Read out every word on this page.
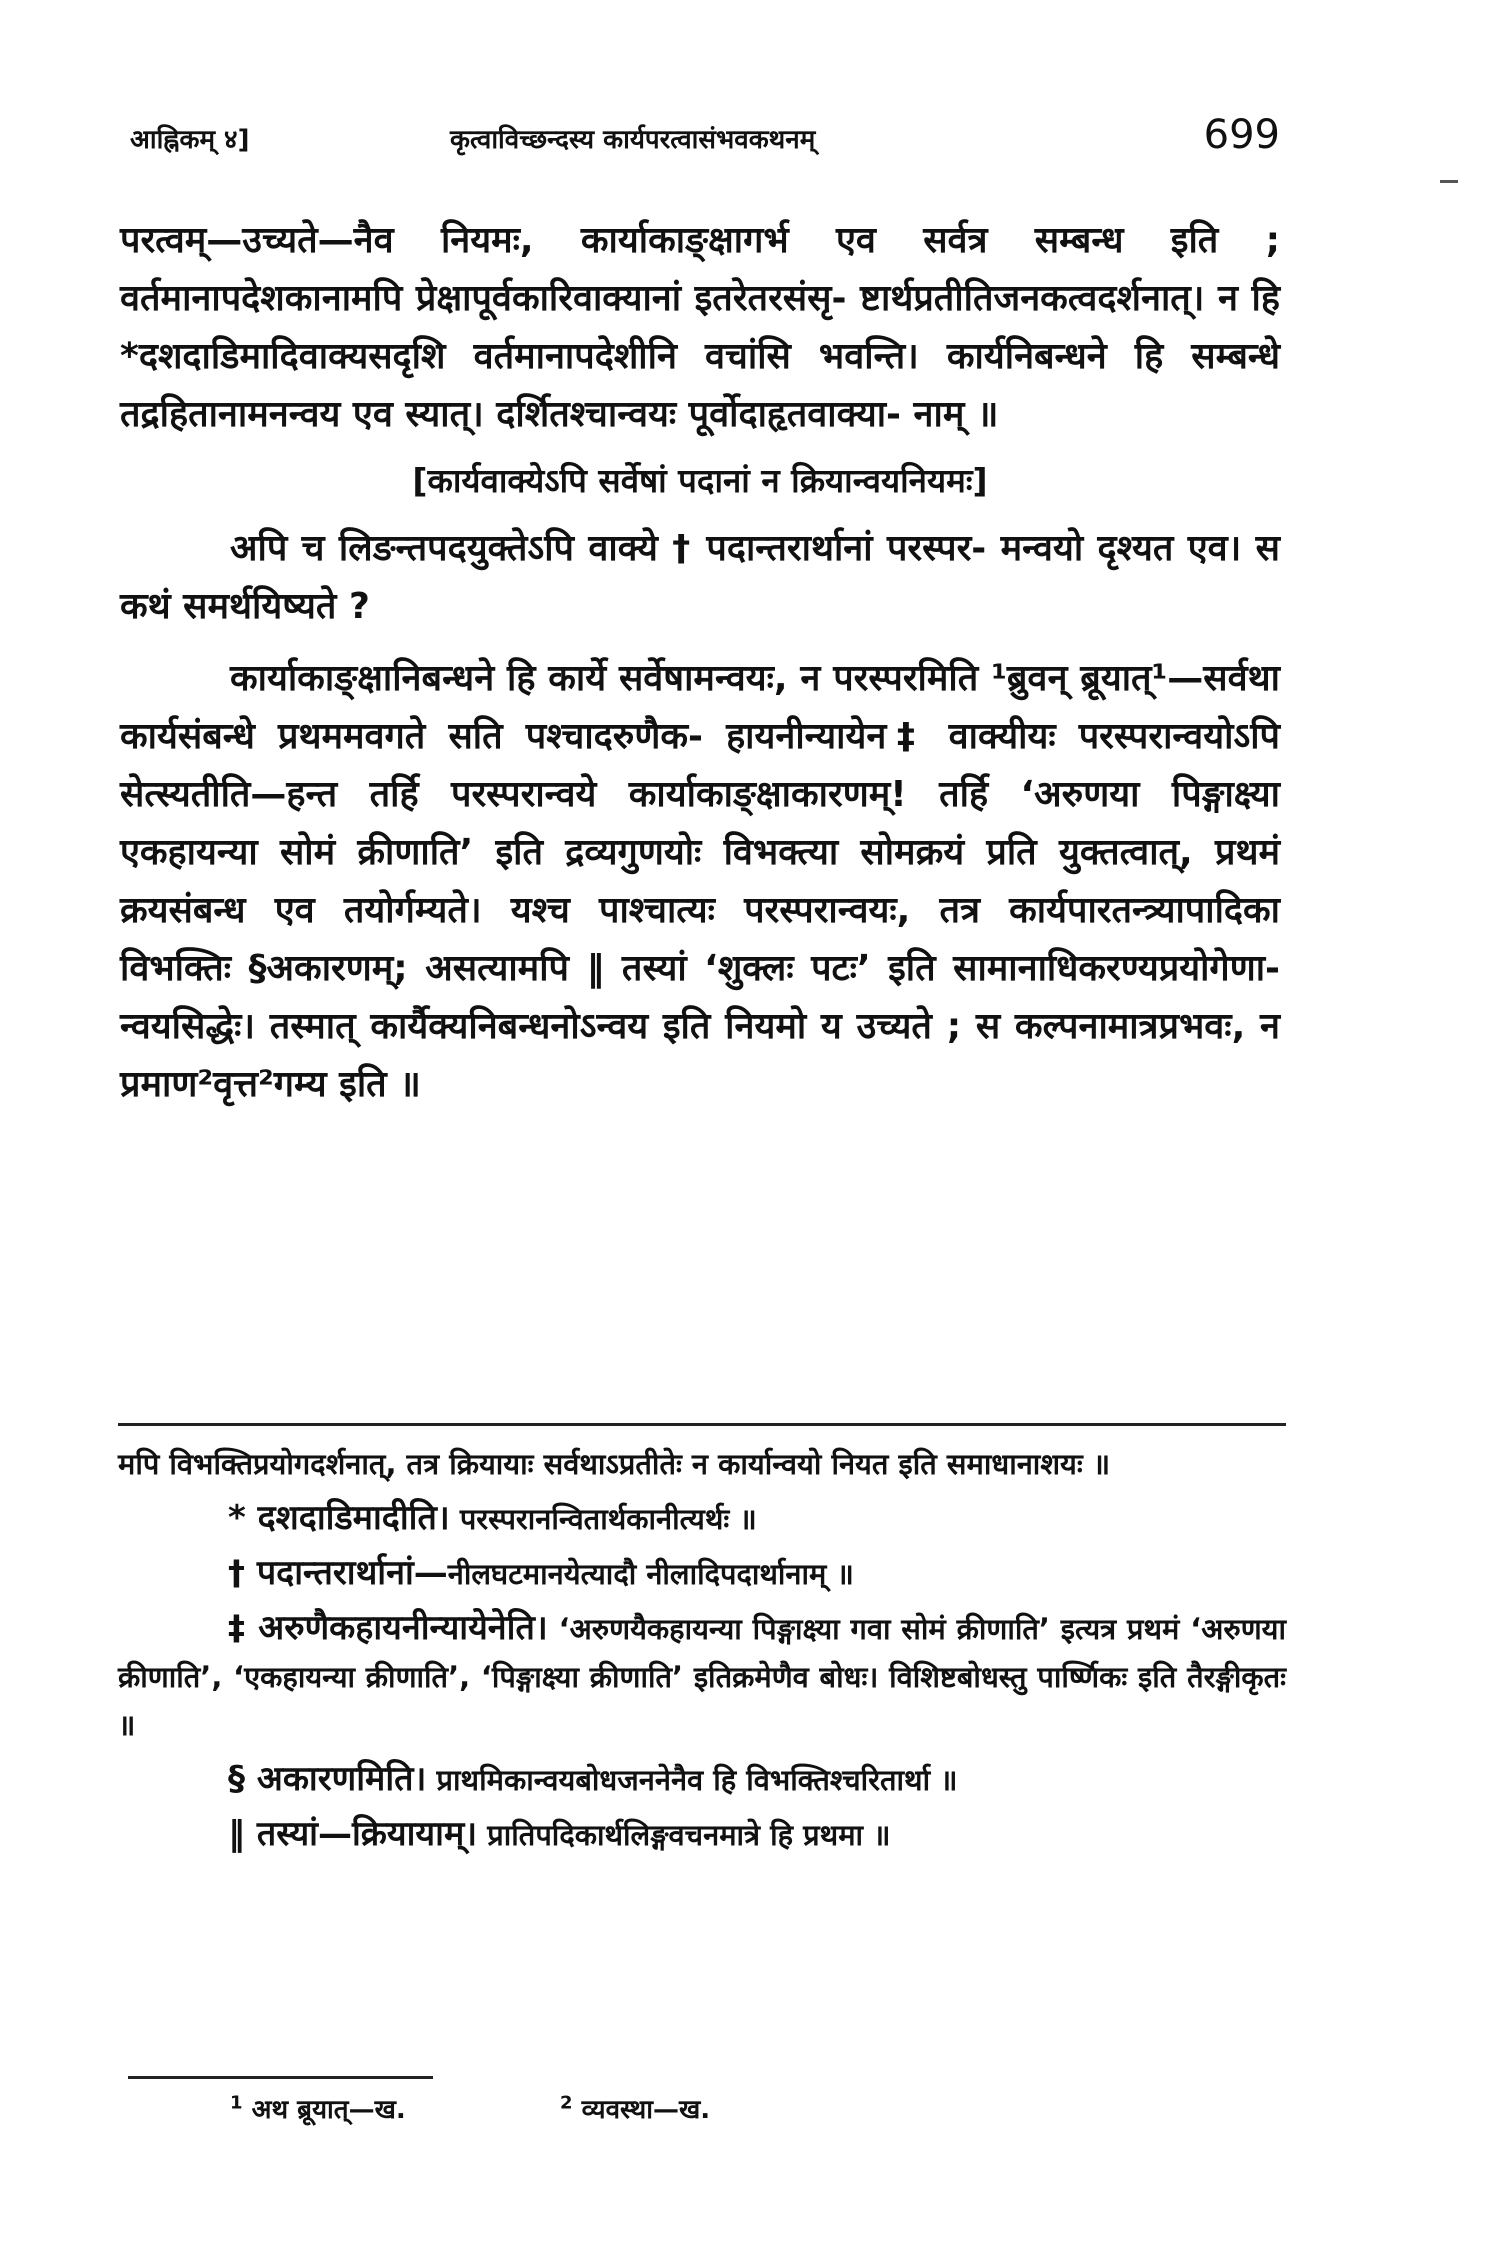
आह्निकम् ४]	कृत्वाविच्छन्दस्य कार्यपरत्वासंभवकथनम्	699

परत्वम्—उच्यते—नैव नियमः, कार्याकाङ्क्षागर्भ एव सर्वत्र सम्बन्ध इति ; वर्तमानापदेशकानामपि प्रेक्षापूर्वकारिवाक्यानां इतरेतरसंसृ- ष्टार्थप्रतीतिजनकत्वदर्शनात्। न हि *दशदाडिमादिवाक्यसदृशि वर्तमानापदेशीनि वचांसि भवन्ति। कार्यनिबन्धने हि सम्बन्धे तद्रहितानामनन्वय एव स्यात्। दर्शितश्चान्वयः पूर्वोदाहृतवाक्या- नाम् ॥

[कार्यवाक्येऽपि सर्वेषां पदानां न क्रियान्वयनियमः]

अपि च लिङन्तपदयुक्तेऽपि वाक्ये † पदान्तरार्थानां परस्पर- मन्वयो दृश्यत एव। स कथं समर्थयिष्यते ?

कार्याकाङ्क्षानिबन्धने हि कार्ये सर्वेषामन्वयः, न परस्परमिति ¹ब्रुवन् ब्रूयात्¹—सर्वथा कार्यसंबन्धे प्रथममवगते सति पश्चादरुणैक- हायनीन्यायेन‡ वाक्यीयः परस्परान्वयोऽपि सेत्स्यतीति—हन्त तर्हि परस्परान्वये कार्याकाङ्क्षाकारणम्! तर्हि ‘अरुणया पिङ्गाक्ष्या एकहायन्या सोमं क्रीणाति’ इति द्रव्यगुणयोः विभक्त्या सोमक्रयं प्रति युक्तत्वात्, प्रथमं क्रयसंबन्ध एव तयोर्गम्यते। यश्च पाश्चात्यः परस्परान्वयः, तत्र कार्यपारतन्त्र्यापादिका विभक्तिः §अकारणम्; असत्यामपि ‖ तस्यां ‘शुक्लः पटः’ इति सामानाधिकरण्यप्रयोगेणा- न्वयसिद्धेः। तस्मात् कार्यैक्यनिबन्धनोऽन्वय इति नियमो य उच्यते ; स कल्पनामात्रप्रभवः, न प्रमाण²वृत्त²गम्य इति ॥

मपि विभक्तिप्रयोगदर्शनात्, तत्र क्रियायाः सर्वथाऽप्रतीतेः न कार्यान्वयो नियत इति समाधानाशयः ॥

* दशदाडिमादीति। परस्परानन्वितार्थकानीत्यर्थः ॥

† पदान्तरार्थानां—नीलघटमानयेत्यादौ नीलादिपदार्थानाम् ॥

‡ अरुणैकहायनीन्यायेनेति। ‘अरुणयैकहायन्या पिङ्गाक्ष्या गवा सोमं क्रीणाति’ इत्यत्र प्रथमं ‘अरुणया क्रीणाति’, ‘एकहायन्या क्रीणाति’, ‘पिङ्गाक्ष्या क्रीणाति’ इतिक्रमेणैव बोधः। विशिष्टबोधस्तु पार्ष्णिकः इति तैरङ्गीकृतः ॥

§ अकारणमिति। प्राथमिकान्वयबोधजननेनैव हि विभक्तिश्चरितार्था ॥

‖ तस्यां—क्रियायाम्। प्रातिपदिकार्थलिङ्गवचनमात्रे हि प्रथमा ॥

$^1$ अथ ब्रूयात्—ख.	$^2$ व्यवस्था—ख.
